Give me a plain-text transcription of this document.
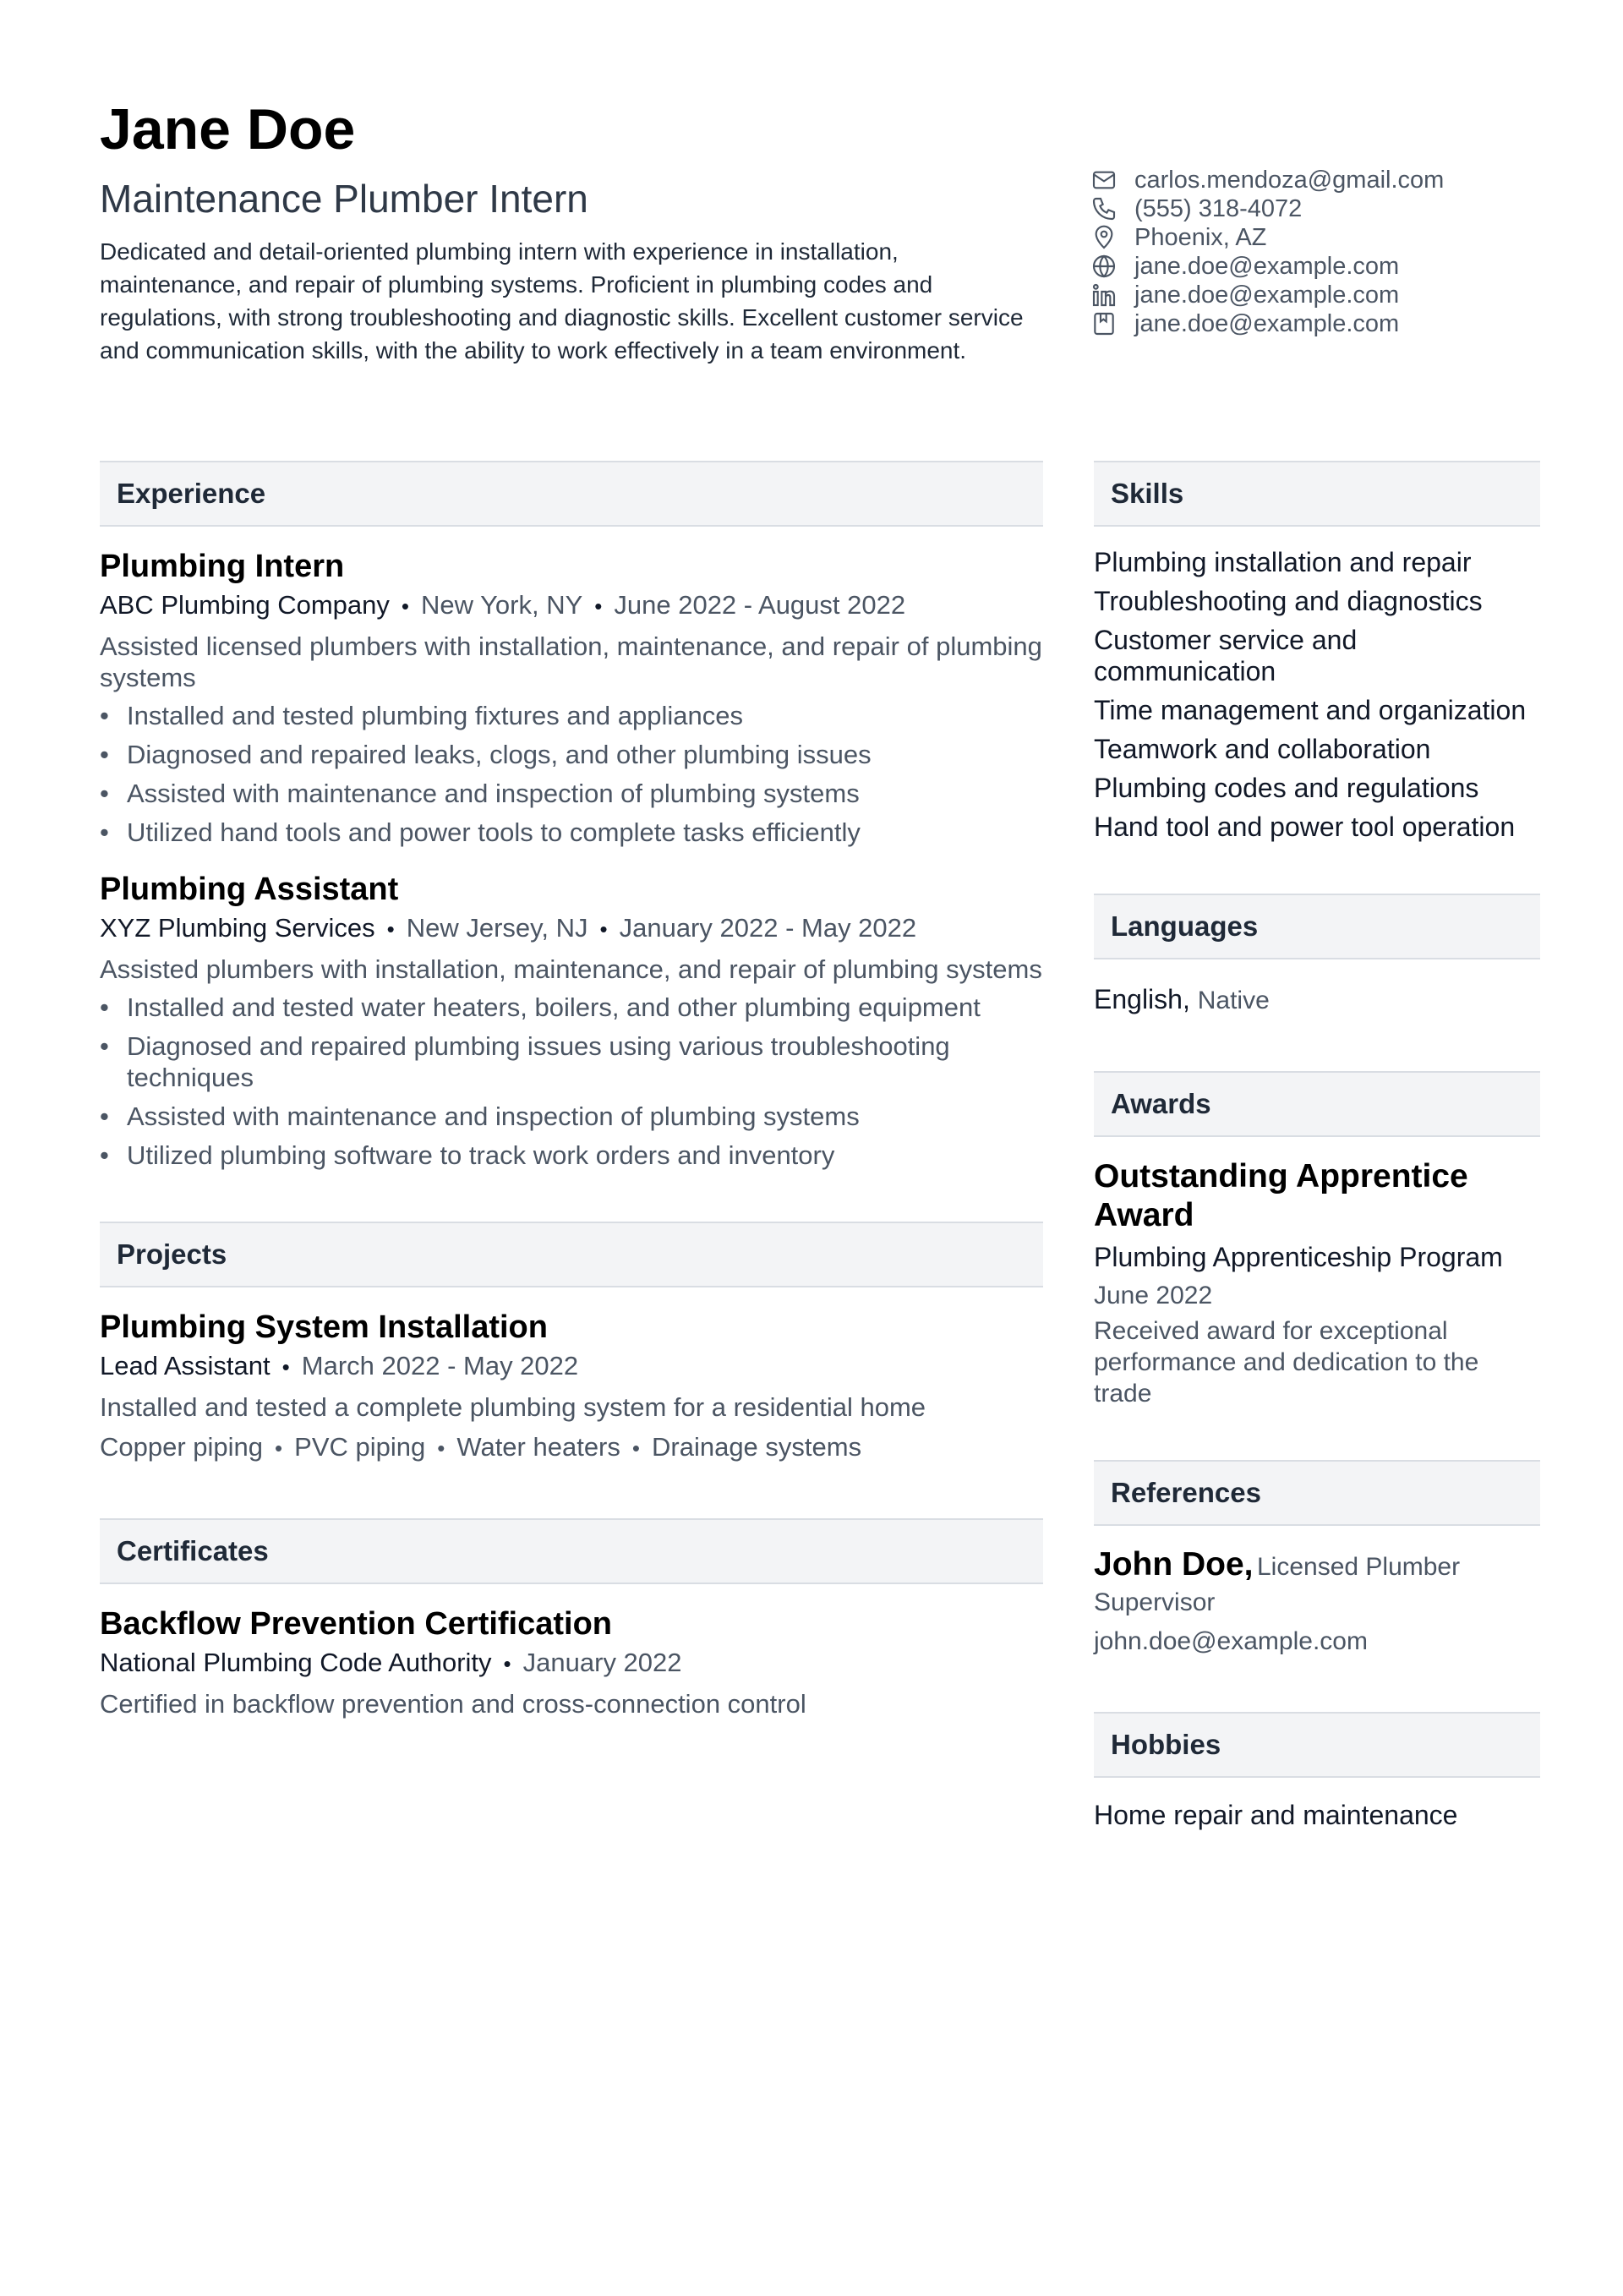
Jane Doe
Maintenance Plumber Intern

Dedicated and detail-oriented plumbing intern with experience in installation, maintenance, and repair of plumbing systems. Proficient in plumbing codes and regulations, with strong troubleshooting and diagnostic skills. Excellent customer service and communication skills, with the ability to work effectively in a team environment.

carlos.mendoza@gmail.com
(555) 318-4072
Phoenix, AZ
jane.doe@example.com
jane.doe@example.com
jane.doe@example.com
Experience
Plumbing Intern
ABC Plumbing Company • New York, NY • June 2022 - August 2022
Assisted licensed plumbers with installation, maintenance, and repair of plumbing systems
• Installed and tested plumbing fixtures and appliances
• Diagnosed and repaired leaks, clogs, and other plumbing issues
• Assisted with maintenance and inspection of plumbing systems
• Utilized hand tools and power tools to complete tasks efficiently
Plumbing Assistant
XYZ Plumbing Services • New Jersey, NJ • January 2022 - May 2022
Assisted plumbers with installation, maintenance, and repair of plumbing systems
• Installed and tested water heaters, boilers, and other plumbing equipment
• Diagnosed and repaired plumbing issues using various troubleshooting techniques
• Assisted with maintenance and inspection of plumbing systems
• Utilized plumbing software to track work orders and inventory
Projects
Plumbing System Installation
Lead Assistant • March 2022 - May 2022
Installed and tested a complete plumbing system for a residential home
Copper piping • PVC piping • Water heaters • Drainage systems
Certificates
Backflow Prevention Certification
National Plumbing Code Authority • January 2022
Certified in backflow prevention and cross-connection control
Skills
Plumbing installation and repair
Troubleshooting and diagnostics
Customer service and communication
Time management and organization
Teamwork and collaboration
Plumbing codes and regulations
Hand tool and power tool operation
Languages
English, Native
Awards
Outstanding Apprentice Award
Plumbing Apprenticeship Program
June 2022
Received award for exceptional performance and dedication to the trade
References
John Doe, Licensed Plumber
Supervisor
john.doe@example.com
Hobbies
Home repair and maintenance
